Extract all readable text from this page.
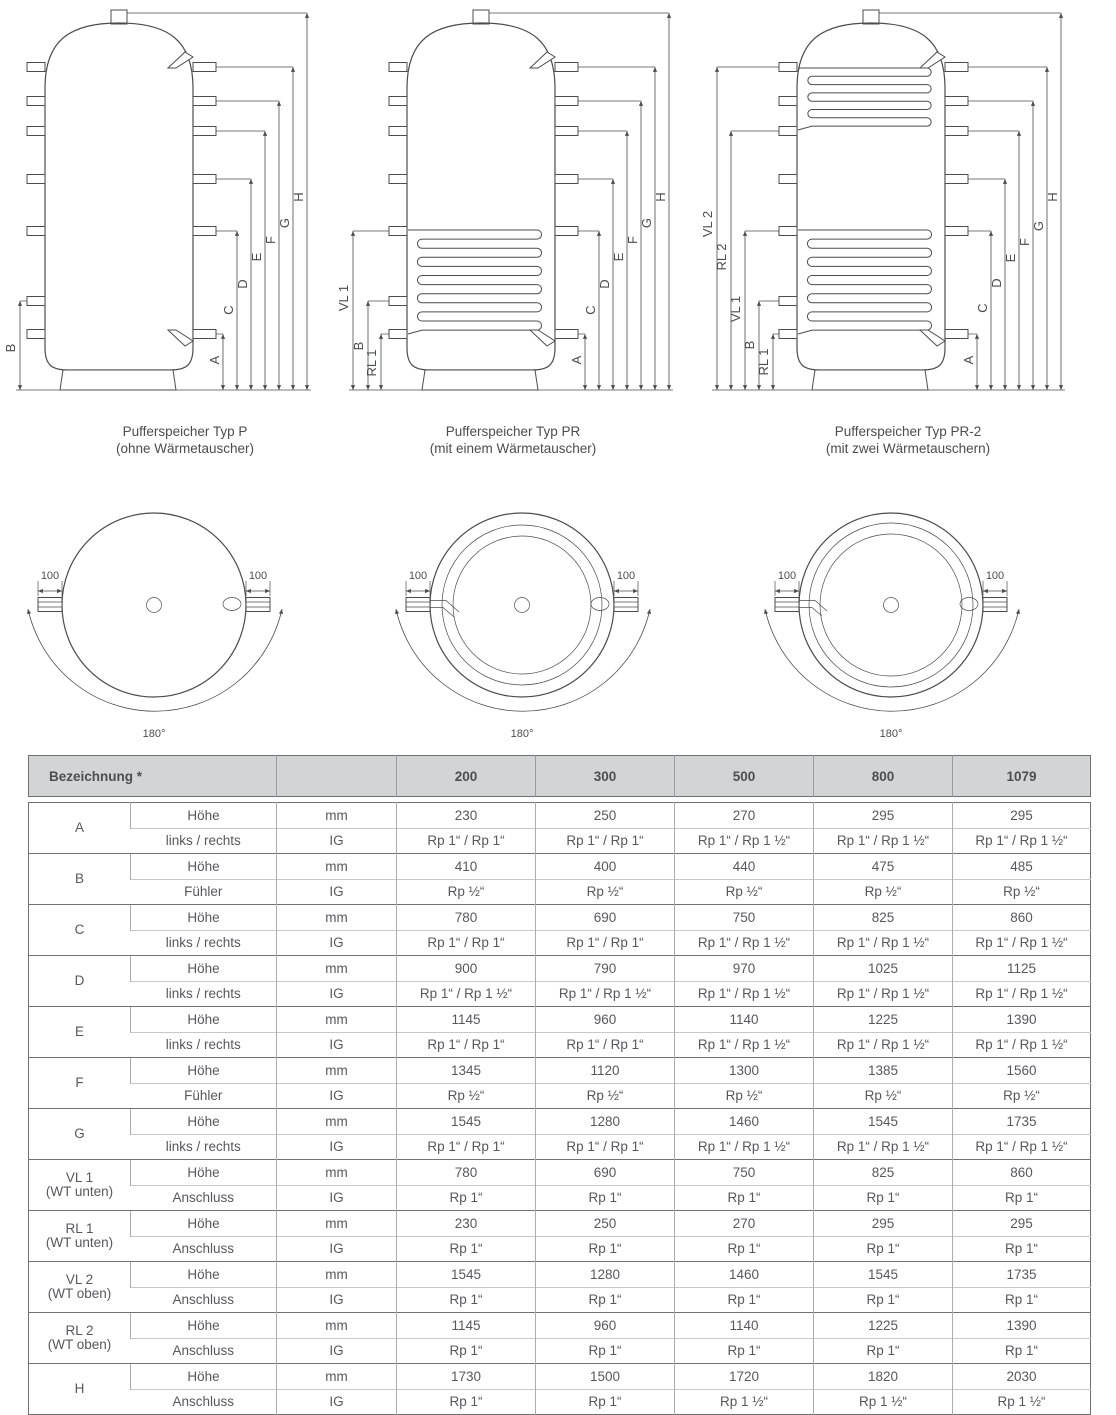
A
C
D
E
F
G
H
B
A
C
D
E
F
G
H
VL 1
B
RL 1	A
C
D
E
F
G
H
VL 2
RL 2
VL 1
B
RL 1
Pufferspeicher Typ P
(ohne Wärmetauscher)
Pufferspeicher Typ PR
(mit einem Wärmetauscher)
Pufferspeicher Typ PR-2
(mit zwei Wärmetauschern)
100	100
180°
100	100
180°
100	100
180°
Bezeichnung *		200	300	500	800	1079
A	Höhe	mm	230	250	270	295	295
	links / rechts	IG	Rp 1“ / Rp 1“	Rp 1“ / Rp 1“	Rp 1“ / Rp 1 ½“	Rp 1“ / Rp 1 ½“	Rp 1“ / Rp 1 ½“

B	Höhe	mm	410	400	440	475	485
	Fühler	IG	Rp ½“	Rp ½“	Rp ½“	Rp ½“	Rp ½“

C	Höhe	mm	780	690	750	825	860
	links / rechts	IG	Rp 1“ / Rp 1“	Rp 1“ / Rp 1“	Rp 1“ / Rp 1 ½“	Rp 1“ / Rp 1 ½“	Rp 1“ / Rp 1 ½“

D	Höhe	mm	900	790	970	1025	1125
	links / rechts	IG	Rp 1“ / Rp 1 ½“	Rp 1“ / Rp 1 ½“	Rp 1“ / Rp 1 ½“	Rp 1“ / Rp 1 ½“	Rp 1“ / Rp 1 ½“

E	Höhe	mm	1145	960	1140	1225	1390
	links / rechts	IG	Rp 1“ / Rp 1“	Rp 1“ / Rp 1“	Rp 1“ / Rp 1 ½“	Rp 1“ / Rp 1 ½“	Rp 1“ / Rp 1 ½“

F	Höhe	mm	1345	1120	1300	1385	1560
	Fühler	IG	Rp ½“	Rp ½“	Rp ½“	Rp ½“	Rp ½“

G	Höhe	mm	1545	1280	1460	1545	1735
	links / rechts	IG	Rp 1“ / Rp 1“	Rp 1“ / Rp 1“	Rp 1“ / Rp 1 ½“	Rp 1“ / Rp 1 ½“	Rp 1“ / Rp 1 ½“

VL 1
(WT unten)	Höhe	mm	780	690	750	825	860
	Anschluss	IG	Rp 1“	Rp 1“	Rp 1“	Rp 1“	Rp 1“

RL 1
(WT unten)	Höhe	mm	230	250	270	295	295
	Anschluss	IG	Rp 1“	Rp 1“	Rp 1“	Rp 1“	Rp 1“

VL 2
(WT oben)	Höhe	mm	1545	1280	1460	1545	1735
	Anschluss	IG	Rp 1“	Rp 1“	Rp 1“	Rp 1“	Rp 1“

RL 2
(WT oben)	Höhe	mm	1145	960	1140	1225	1390
	Anschluss	IG	Rp 1“	Rp 1“	Rp 1“	Rp 1“	Rp 1“

H	Höhe	mm	1730	1500	1720	1820	2030
	Anschluss	IG	Rp 1“	Rp 1“	Rp 1 ½“	Rp 1 ½“	Rp 1 ½“
